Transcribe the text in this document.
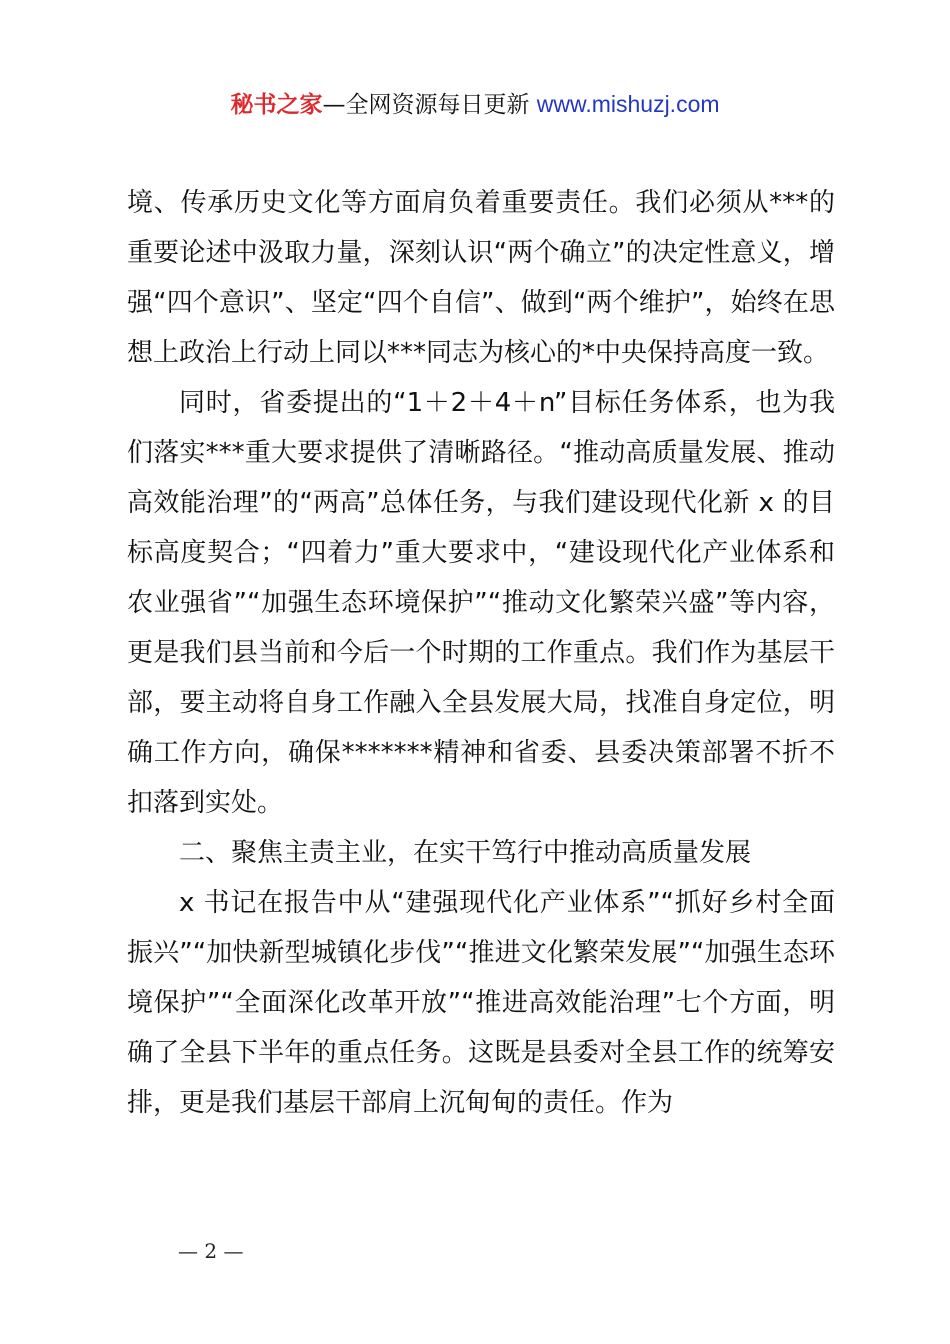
秘书之家—全网资源每日更新 www.mishuzj.com

境、传承历史文化等方面肩负着重要责任。我们必须从***的重要论述中汲取力量，深刻认识“两个确立”的决定性意义，增强“四个意识”、坚定“四个自信”、做到“两个维护”，始终在思想上政治上行动上同以***同志为核心的*中央保持高度一致。

同时，省委提出的“1＋2＋4＋n”目标任务体系，也为我们落实***重大要求提供了清晰路径。“推动高质量发展、推动高效能治理”的“两高”总体任务，与我们建设现代化新 x 的目标高度契合；“四着力”重大要求中，“建设现代化产业体系和农业强省”“加强生态环境保护”“推动文化繁荣兴盛”等内容，更是我们县当前和今后一个时期的工作重点。我们作为基层干部，要主动将自身工作融入全县发展大局，找准自身定位，明确工作方向，确保*******精神和省委、县委决策部署不折不扣落到实处。

二、聚焦主责主业，在实干笃行中推动高质量发展

x 书记在报告中从“建强现代化产业体系”“抓好乡村全面振兴”“加快新型城镇化步伐”“推进文化繁荣发展”“加强生态环境保护”“全面深化改革开放”“推进高效能治理”七个方面，明确了全县下半年的重点任务。这既是县委对全县工作的统筹安排，更是我们基层干部肩上沉甸甸的责任。作为

— 2 —
